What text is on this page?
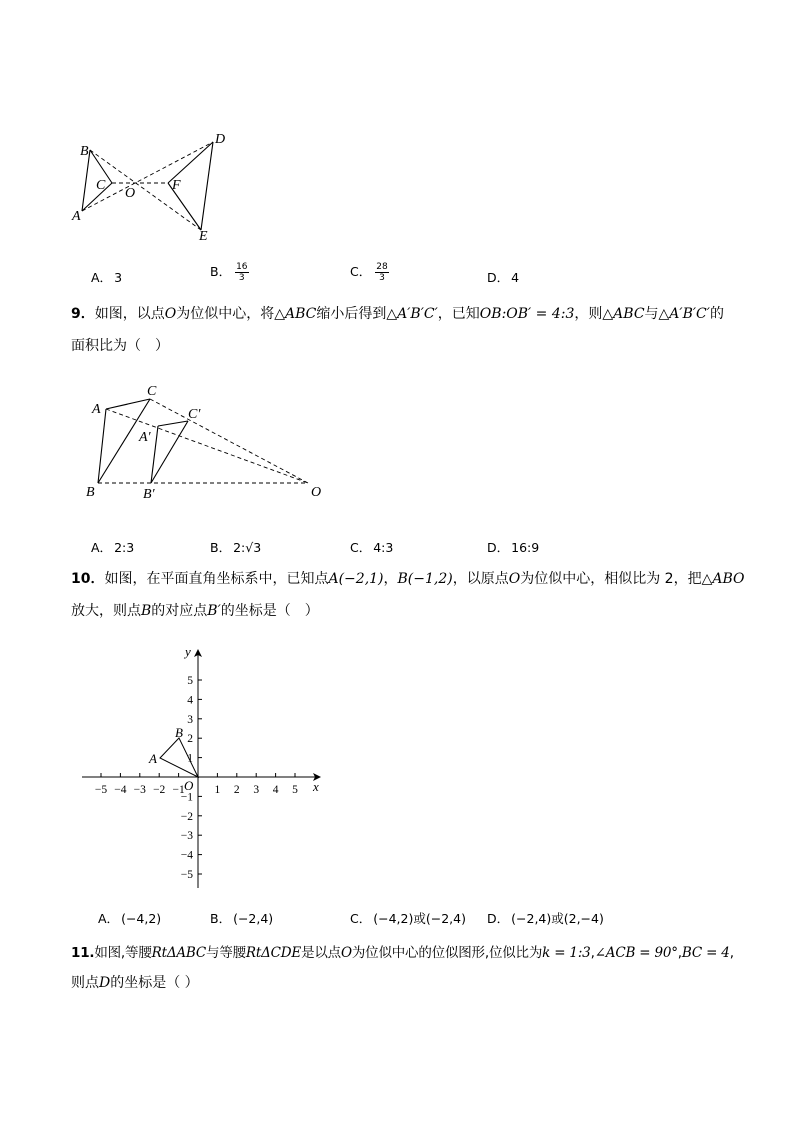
B
C
A
O
F
D
E
A． 3	B． $\frac{16}{3}$	C． $\frac{28}{3}$	D． 4
9．如图，以点O为位似中心，将△ABC缩小后得到△A′B′C′，已知OB:OB′ = 4:3，则△ABC与△A′B′C′的
面积比为（　）
A
C
C′
A′
B	B′	O
A． 2:3	B． 2:√3	C． 4:3	D． 16:9
10．如图，在平面直角坐标系中，已知点A(−2,1)，B(−1,2)，以原点O为位似中心，相似比为 2，把△ABO
放大，则点B的对应点B′的坐标是（　）
−5 −4 −3 −2 −1	1 2 3 4 5
5
4
3
2
1
−1
−2
−3
−4
−5
y
x
A
B
O
A． (−4,2)	B． (−2,4)	C． (−4,2)或(−2,4) D． (−2,4)或(2,−4)
11.如图,等腰RtΔABC与等腰RtΔCDE是以点O为位似中心的位似图形,位似比为k = 1:3,∠ACB = 90°,BC = 4,
则点D的坐标是（ ）
